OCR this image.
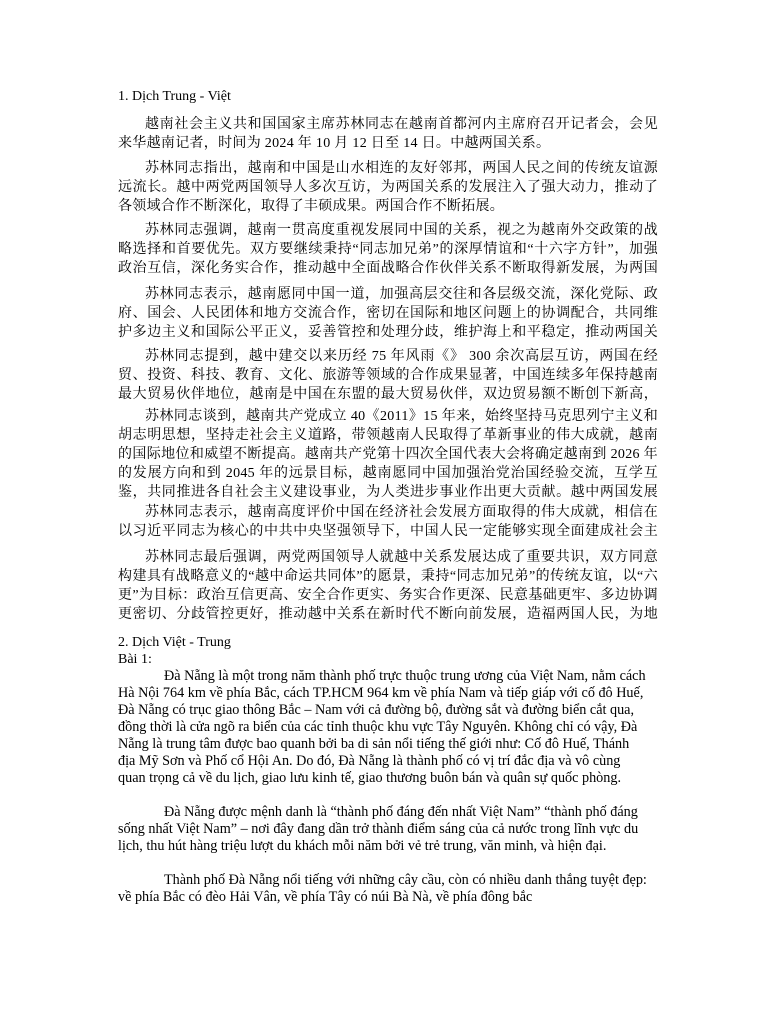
1. Dịch Trung - Việt

越南社会主义共和国国家主席苏林同志在越南首都河内主席府召开记者会，会见来华越南记者，时间为 2024 年 10 月 12 日至 14 日。中越两国关系。

苏林同志指出，越南和中国是山水相连的友好邻邦，两国人民之间的传统友谊源远流长。越中两党两国领导人多次互访，为两国关系的发展注入了强大动力，推动了各领域合作不断深化，取得了丰硕成果。两国合作不断拓展。

苏林同志强调，越南一贯高度重视发展同中国的关系，视之为越南外交政策的战略选择和首要优先。双方要继续秉持“同志加兄弟”的深厚情谊和“十六字方针”，加强政治互信，深化务实合作，推动越中全面战略合作伙伴关系不断取得新发展，为两国

苏林同志表示，越南愿同中国一道，加强高层交往和各层级交流，深化党际、政府、国会、人民团体和地方交流合作，密切在国际和地区问题上的协调配合，共同维护多边主义和国际公平正义，妥善管控和处理分歧，维护海上和平稳定，推动两国关

苏林同志提到，越中建交以来历经 75 年风雨《》 300 余次高层互访，两国在经贸、投资、科技、教育、文化、旅游等领域的合作成果显著，中国连续多年保持越南最大贸易伙伴地位，越南是中国在东盟的最大贸易伙伴，双边贸易额不断创下新高，

苏林同志谈到，越南共产党成立 40《2011》15 年来，始终坚持马克思列宁主义和胡志明思想，坚持走社会主义道路，带领越南人民取得了革新事业的伟大成就，越南的国际地位和威望不断提高。越南共产党第十四次全国代表大会将确定越南到 2026 年的发展方向和到 2045 年的远景目标，越南愿同中国加强治党治国经验交流，互学互鉴，共同推进各自社会主义建设事业，为人类进步事业作出更大贡献。越中两国发展

苏林同志表示，越南高度评价中国在经济社会发展方面取得的伟大成就，相信在以习近平同志为核心的中共中央坚强领导下，中国人民一定能够实现全面建成社会主

苏林同志最后强调，两党两国领导人就越中关系发展达成了重要共识，双方同意构建具有战略意义的“越中命运共同体”的愿景，秉持“同志加兄弟”的传统友谊，以“六更”为目标：政治互信更高、安全合作更实、务实合作更深、民意基础更牢、多边协调更密切、分歧管控更好，推动越中关系在新时代不断向前发展，造福两国人民，为地

2. Dịch Việt - Trung
Bài 1:

Đà Nẵng là một trong năm thành phố trực thuộc trung ương của Việt Nam, nằm cách Hà Nội 764 km về phía Bắc, cách TP.HCM 964 km về phía Nam và tiếp giáp với cố đô Huế, Đà Nẵng có trục giao thông Bắc – Nam với cả đường bộ, đường sắt và đường biển cắt qua, đồng thời là cửa ngõ ra biển của các tỉnh thuộc khu vực Tây Nguyên. Không chỉ có vậy, Đà Nẵng là trung tâm được bao quanh bởi ba di sản nổi tiếng thế giới như: Cố đô Huế, Thánh địa Mỹ Sơn và Phố cổ Hội An. Do đó, Đà Nẵng là thành phố có vị trí đắc địa và vô cùng quan trọng cả về du lịch, giao lưu kinh tế, giao thương buôn bán và quân sự quốc phòng.

Đà Nẵng được mệnh danh là “thành phố đáng đến nhất Việt Nam” “thành phố đáng sống nhất Việt Nam” – nơi đây đang dần trở thành điểm sáng của cả nước trong lĩnh vực du lịch, thu hút hàng triệu lượt du khách mỗi năm bởi vẻ trẻ trung, văn minh, và hiện đại.

Thành phố Đà Nẵng nổi tiếng với những cây cầu, còn có nhiều danh thắng tuyệt đẹp: về phía Bắc có đèo Hải Vân, về phía Tây có núi Bà Nà, về phía đông bắc
